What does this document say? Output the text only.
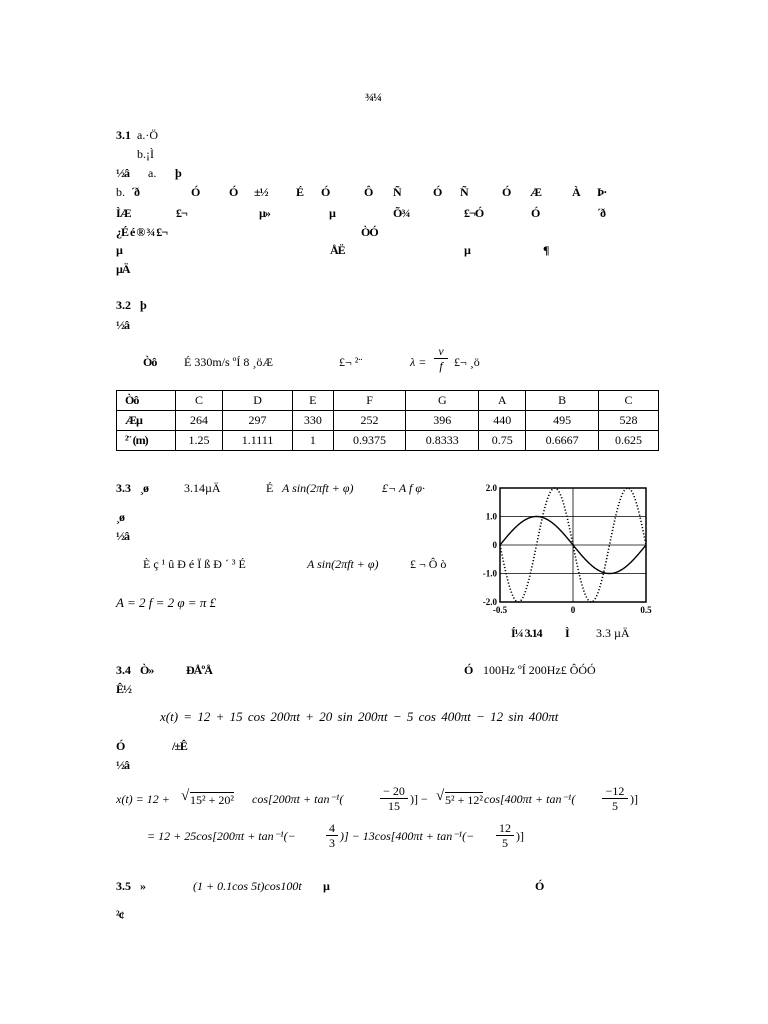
¾¼
3.1 a.·Ö
b.¡Ì
½â a. þ
b. ´ð	Ó Ó ±½ É Ó	Ô Ñ	Ó Ñ	Ó Æ	À Þ·
ÌÆ	£¬	µ»	µ	Õ¾	£¬Ó	Ó	´ð
¿É é ® ¾ £¬	ÒÓ
µ	ÅË	µ	¶
µÄ
3.2 þ
½â
Òô É 330m/s ºÍ 8 ¸öÆ	£¬ ²¨	λ =
v
f £¬ ¸ö
Òô	C	D	E	F	G	A	B	C
Æµ	264	297	330	252	396	440	495	528
²¨ (m)	1.25	1.1111	1	0.9375	0.8333	0.75	0.6667	0.625
3.3 ¸ø	3.14µÄ	É A sin(2πft + φ) £¬ A f φ·
¸ø
½â
È ç ¹ û Ð é Ï ß Ð ´ ³ É	A sin(2πft + φ)	£ ¬ Ô ò
A = 2 f = 2 φ = π £
2.0
1.0
0
-1.0
-2.0
-0.5	0	0.5
Í¼ 3.14 Ì 3.3 µÄ
3.4 Ò»	ÐÅºÅ	Ó 100Hz ºÍ 200Hz£ ÔÓÓ
Ê½
x(t) = 12 + 15 cos 200πt + 20 sin 200πt − 5 cos 400πt − 12 sin 400πt
Ó	/±Ê
½â
x(t) = 12 + √ 15² + 20² cos[200πt + tan⁻¹(
− 20
15 )] − √ 5² + 12² cos[400πt + tan⁻¹(
−12
5	)]
= 12 + 25cos[200πt + tan⁻¹(−
4
3 )] − 13cos[400πt + tan⁻¹(−
12
5 )]
3.5 »	(1 + 0.1cos 5t)cos100t µ	Ó
²¢
